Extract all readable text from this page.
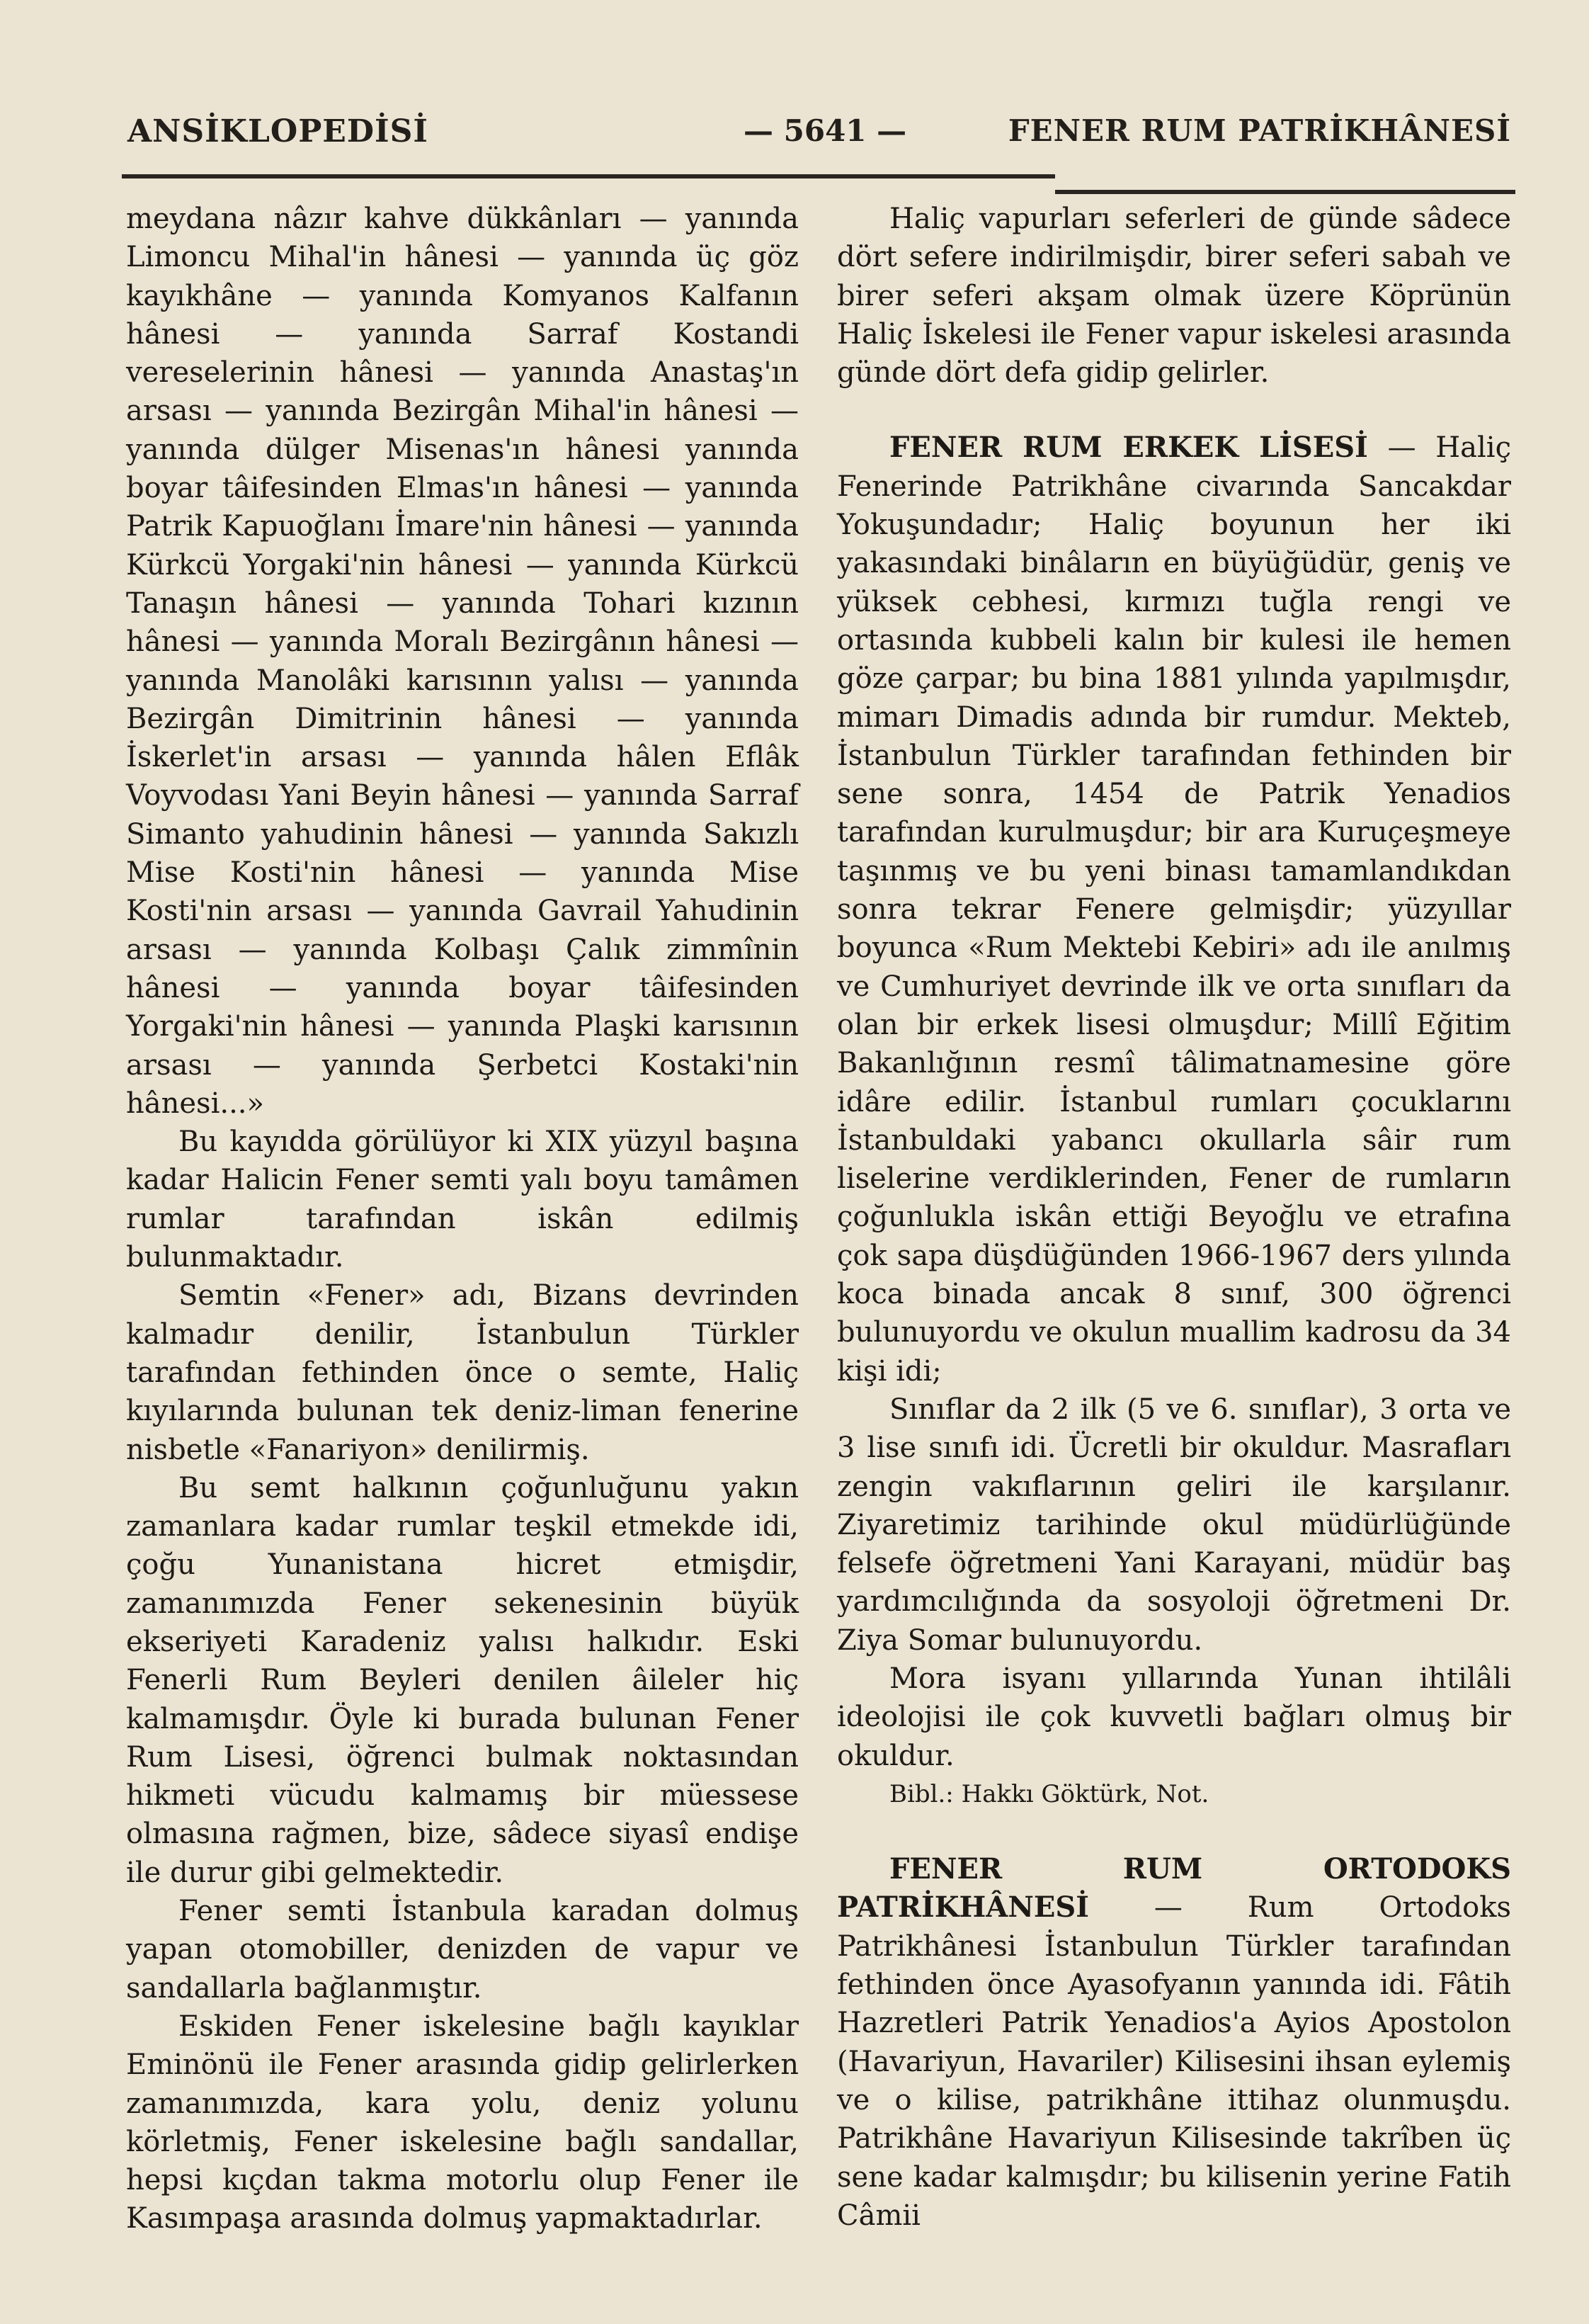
ANSİKLOPEDİSİ	— 5641 —	FENER RUM PATRİKHÂNESİ

meydana nâzır kahve dükkânları — yanında Limoncu Mihal'in hânesi — yanında üç göz kayıkhâne — yanında Komyanos Kalfanın hânesi — yanında Sarraf Kostandi vereselerinin hânesi — yanında Anastaş'ın arsası — yanında Bezirgân Mihal'in hânesi — yanında dülger Misenas'ın hânesi yanında boyar tâifesinden Elmas'ın hânesi — yanında Patrik Kapuoğlanı İmare'nin hânesi — yanında Kürkcü Yorgaki'nin hânesi — yanında Kürkcü Tanaşın hânesi — yanında Tohari kızının hânesi — yanında Moralı Bezirgânın hânesi — yanında Manolâki karısının yalısı — yanında Bezirgân Dimitrinin hânesi — yanında İskerlet'in arsası — yanında hâlen Eflâk Voyvodası Yani Beyin hânesi — yanında Sarraf Simanto yahudinin hânesi — yanında Sakızlı Mise Kosti'nin hânesi — yanında Mise Kosti'nin arsası — yanında Gavrail Yahudinin arsası — yanında Kolbaşı Çalık zimmînin hânesi — yanında boyar tâifesinden Yorgaki'nin hânesi — yanında Plaşki karısının arsası — yanında Şerbetci Kostaki'nin hânesi...»

Bu kayıdda görülüyor ki XIX yüzyıl başına kadar Halicin Fener semti yalı boyu tamâmen rumlar tarafından iskân edilmiş bulunmaktadır.

Semtin «Fener» adı, Bizans devrinden kalmadır denilir, İstanbulun Türkler tarafından fethinden önce o semte, Haliç kıyılarında bulunan tek deniz-liman fenerine nisbetle «Fanariyon» denilirmiş.

Bu semt halkının çoğunluğunu yakın zamanlara kadar rumlar teşkil etmekde idi, çoğu Yunanistana hicret etmişdir, zamanımızda Fener sekenesinin büyük ekseriyeti Karadeniz yalısı halkıdır. Eski Fenerli Rum Beyleri denilen âileler hiç kalmamışdır. Öyle ki burada bulunan Fener Rum Lisesi, öğrenci bulmak noktasından hikmeti vücudu kalmamış bir müessese olmasına rağmen, bize, sâdece siyasî endişe ile durur gibi gelmektedir.

Fener semti İstanbula karadan dolmuş yapan otomobiller, denizden de vapur ve sandallarla bağlanmıştır.

Eskiden Fener iskelesine bağlı kayıklar Eminönü ile Fener arasında gidip gelirlerken zamanımızda, kara yolu, deniz yolunu körletmiş, Fener iskelesine bağlı sandallar, hepsi kıçdan takma motorlu olup Fener ile Kasımpaşa arasında dolmuş yapmaktadırlar.

Haliç vapurları seferleri de günde sâdece dört sefere indirilmişdir, birer seferi sabah ve birer seferi akşam olmak üzere Köprünün Haliç İskelesi ile Fener vapur iskelesi arasında günde dört defa gidip gelirler.

FENER RUM ERKEK LİSESİ — Haliç Fenerinde Patrikhâne civarında Sancakdar Yokuşundadır; Haliç boyunun her iki yakasındaki binâların en büyüğüdür, geniş ve yüksek cebhesi, kırmızı tuğla rengi ve ortasında kubbeli kalın bir kulesi ile hemen göze çarpar; bu bina 1881 yılında yapılmışdır, mimarı Dimadis adında bir rumdur. Mekteb, İstanbulun Türkler tarafından fethinden bir sene sonra, 1454 de Patrik Yenadios tarafından kurulmuşdur; bir ara Kuruçeşmeye taşınmış ve bu yeni binası tamamlandıkdan sonra tekrar Fenere gelmişdir; yüzyıllar boyunca «Rum Mektebi Kebiri» adı ile anılmış ve Cumhuriyet devrinde ilk ve orta sınıfları da olan bir erkek lisesi olmuşdur; Millî Eğitim Bakanlığının resmî tâlimatnamesine göre idâre edilir. İstanbul rumları çocuklarını İstanbuldaki yabancı okullarla sâir rum liselerine verdiklerinden, Fener de rumların çoğunlukla iskân ettiği Beyoğlu ve etrafına çok sapa düşdüğünden 1966-1967 ders yılında koca binada ancak 8 sınıf, 300 öğrenci bulunuyordu ve okulun muallim kadrosu da 34 kişi idi;

Sınıflar da 2 ilk (5 ve 6. sınıflar), 3 orta ve 3 lise sınıfı idi. Ücretli bir okuldur. Masrafları zengin vakıflarının geliri ile karşılanır. Ziyaretimiz tarihinde okul müdürlüğünde felsefe öğretmeni Yani Karayani, müdür baş yardımcılığında da sosyoloji öğretmeni Dr. Ziya Somar bulunuyordu.

Mora isyanı yıllarında Yunan ihtilâli ideolojisi ile çok kuvvetli bağları olmuş bir okuldur.

Bibl.: Hakkı Göktürk, Not.

FENER RUM ORTODOKS PATRİKHÂNESİ — Rum Ortodoks Patrikhânesi İstanbulun Türkler tarafından fethinden önce Ayasofyanın yanında idi. Fâtih Hazretleri Patrik Yenadios'a Ayios Apostolon (Havariyun, Havariler) Kilisesini ihsan eylemiş ve o kilise, patrikhâne ittihaz olunmuşdu. Patrikhâne Havariyun Kilisesinde takrîben üç sene kadar kalmışdır; bu kilisenin yerine Fatih Câmii
